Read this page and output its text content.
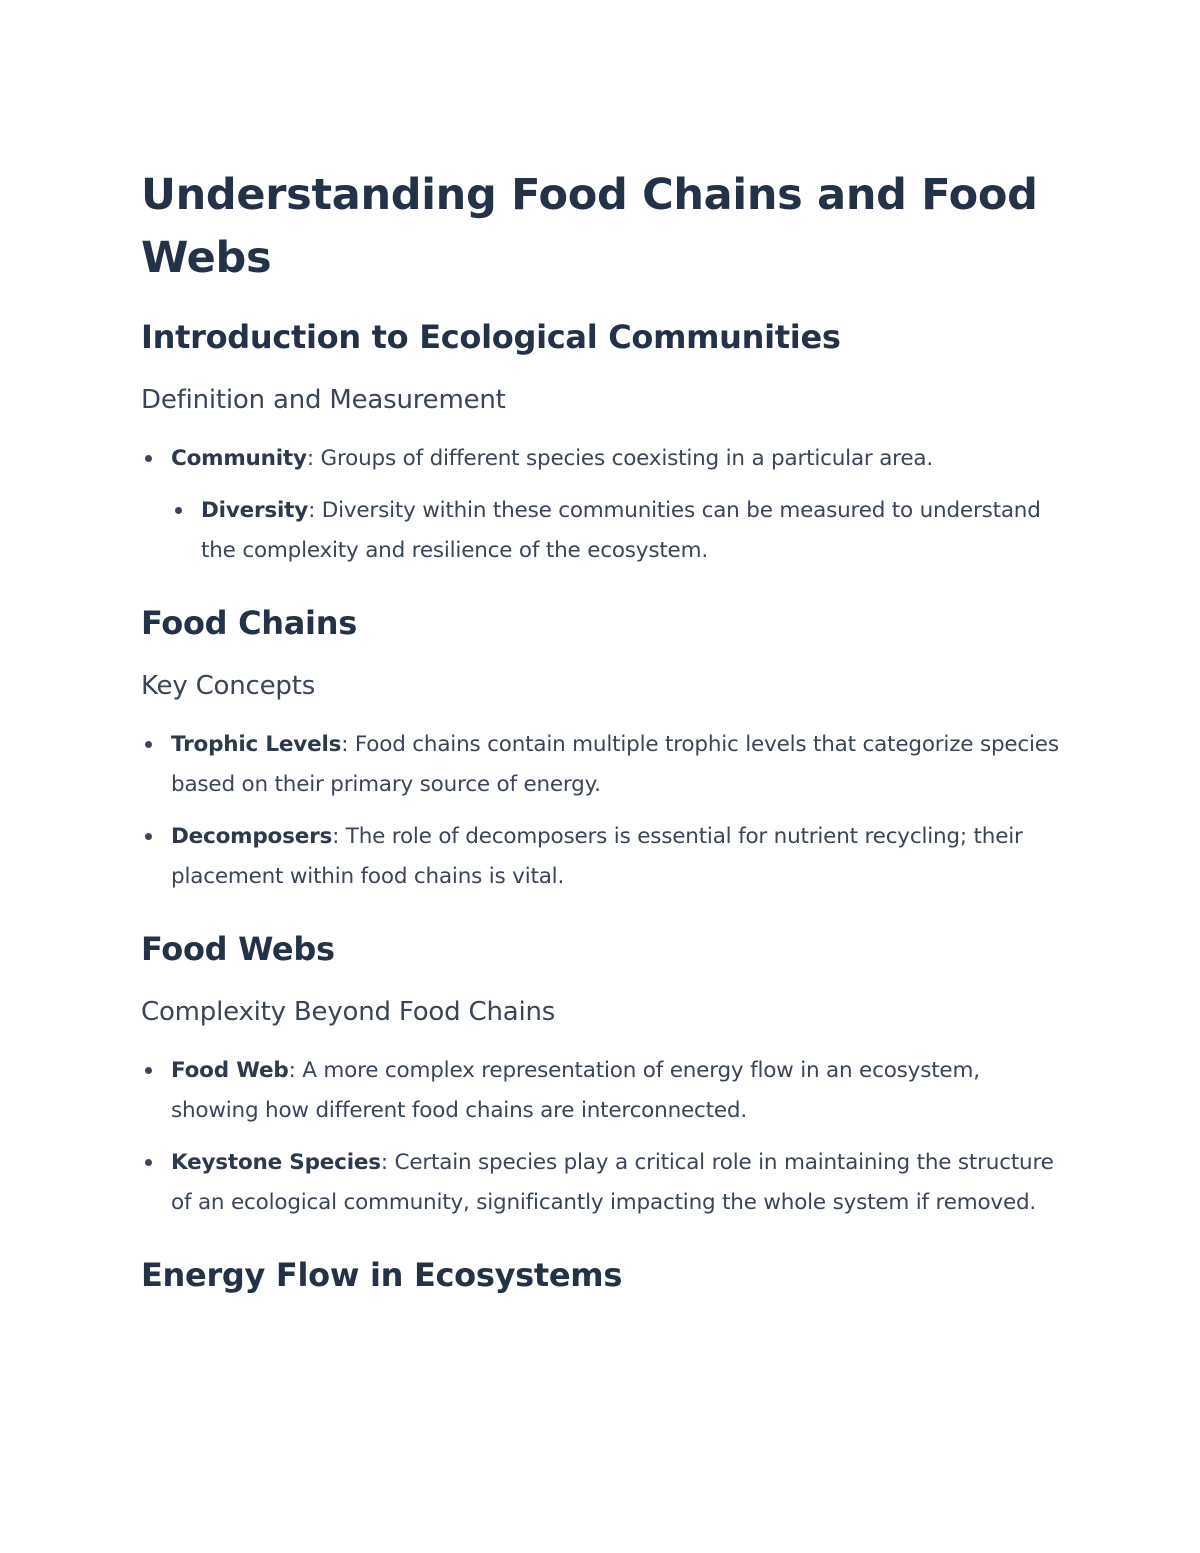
Understanding Food Chains and Food Webs
Introduction to Ecological Communities
Definition and Measurement
Community: Groups of different species coexisting in a particular area.
Diversity: Diversity within these communities can be measured to understand the complexity and resilience of the ecosystem.
Food Chains
Key Concepts
Trophic Levels: Food chains contain multiple trophic levels that categorize species based on their primary source of energy.
Decomposers: The role of decomposers is essential for nutrient recycling; their placement within food chains is vital.
Food Webs
Complexity Beyond Food Chains
Food Web: A more complex representation of energy flow in an ecosystem, showing how different food chains are interconnected.
Keystone Species: Certain species play a critical role in maintaining the structure of an ecological community, significantly impacting the whole system if removed.
Energy Flow in Ecosystems
